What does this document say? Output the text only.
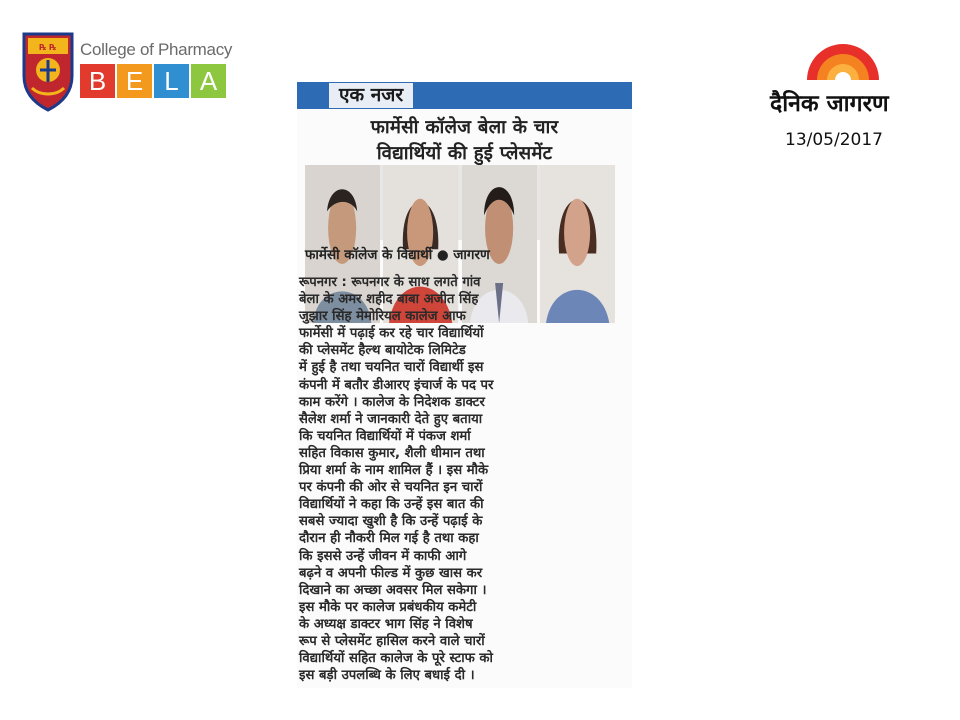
℞ ℞ College of Pharmacy
B E L A
दैनिक जागरण
13/05/2017
एक नजर
फार्मेसी कॉलेज बेला के चार
विद्यार्थियों की हुई प्लेसमेंट
फार्मेसी कॉलेज के विद्यार्थी ● जागरण
रूपनगर : रूपनगर के साथ लगते गांव
बेला के अमर शहीद बाबा अजीत सिंह
जुझार सिंह मेमोरियल कालेज आफ
फार्मेसी में पढ़ाई कर रहे चार विद्यार्थियों
की प्लेसमेंट हैल्थ बायोटेक लिमिटेड
में हुई है तथा चयनित चारों विद्यार्थी इस
कंपनी में बतौर डीआरए इंचार्ज के पद पर
काम करेंगे । कालेज के निदेशक डाक्टर
सैलेश शर्मा ने जानकारी देते हुए बताया
कि चयनित विद्यार्थियों में पंकज शर्मा
सहित विकास कुमार, शैली धीमान तथा
प्रिया शर्मा के नाम शामिल हैं । इस मौके
पर कंपनी की ओर से चयनित इन चारों
विद्यार्थियों ने कहा कि उन्हें इस बात की
सबसे ज्यादा खुशी है कि उन्हें पढ़ाई के
दौरान ही नौकरी मिल गई है तथा कहा
कि इससे उन्हें जीवन में काफी आगे
बढ़ने व अपनी फील्ड में कुछ खास कर
दिखाने का अच्छा अवसर मिल सकेगा ।
इस मौके पर कालेज प्रबंधकीय कमेटी
के अध्यक्ष डाक्टर भाग सिंह ने विशेष
रूप से प्लेसमेंट हासिल करने वाले चारों
विद्यार्थियों सहित कालेज के पूरे स्टाफ को
इस बड़ी उपलब्धि के लिए बधाई दी ।
